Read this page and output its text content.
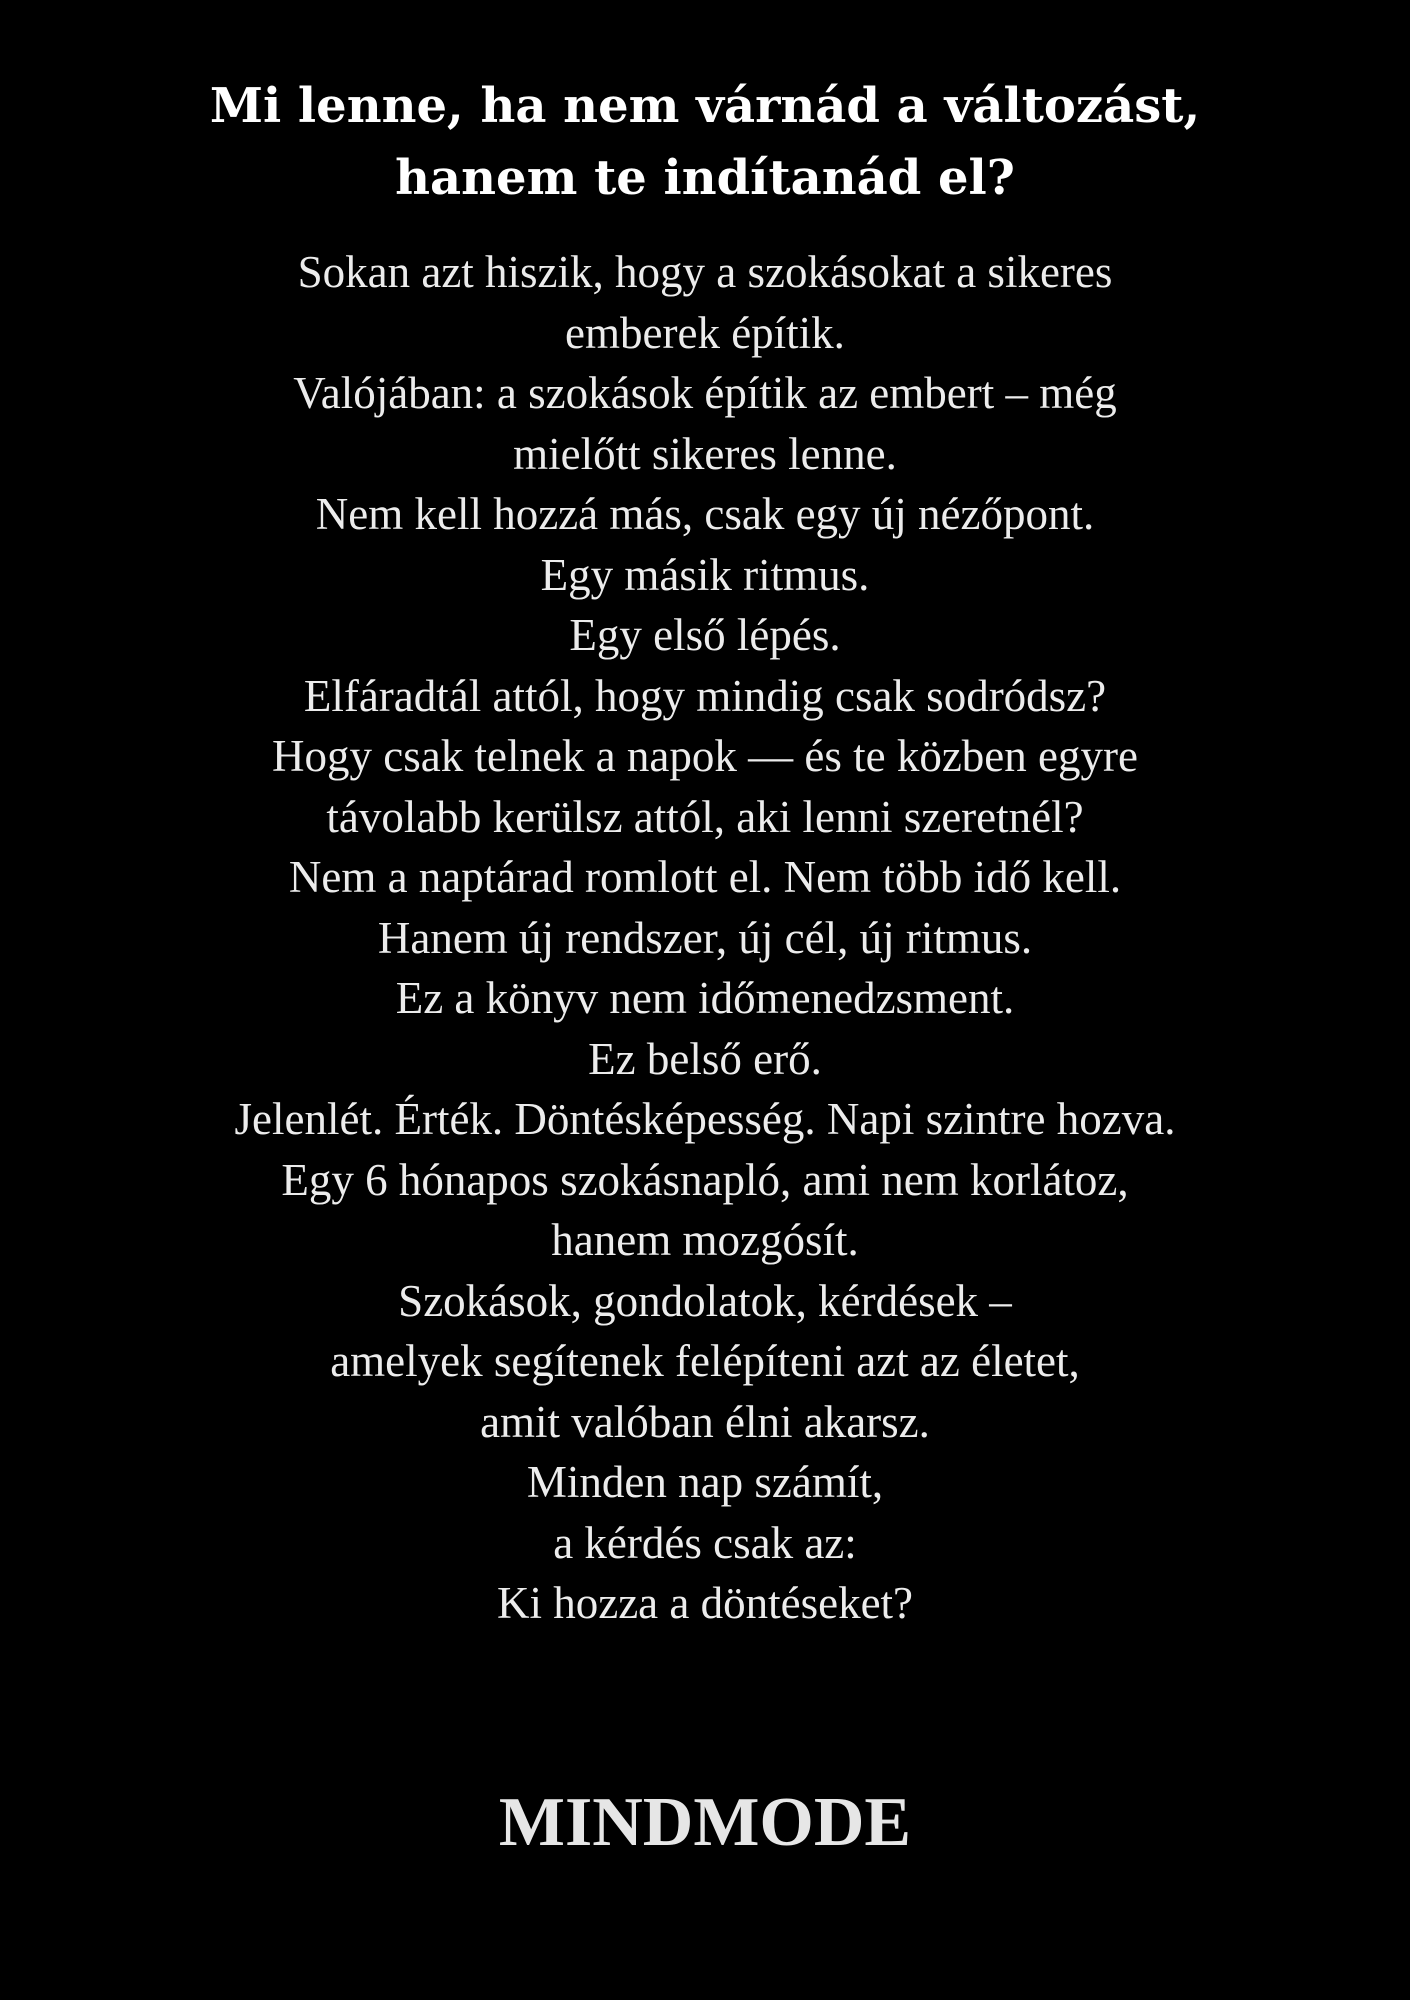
Mi lenne, ha nem várnád a változást,
hanem te indítanád el?
Sokan azt hiszik, hogy a szokásokat a sikeres
emberek építik.
Valójában: a szokások építik az embert – még
mielőtt sikeres lenne.
Nem kell hozzá más, csak egy új nézőpont.
Egy másik ritmus.
Egy első lépés.
Elfáradtál attól, hogy mindig csak sodródsz?
Hogy csak telnek a napok — és te közben egyre
távolabb kerülsz attól, aki lenni szeretnél?
Nem a naptárad romlott el. Nem több idő kell.
Hanem új rendszer, új cél, új ritmus.
Ez a könyv nem időmenedzsment.
Ez belső erő.
Jelenlét. Érték. Döntésképesség. Napi szintre hozva.
Egy 6 hónapos szokásnapló, ami nem korlátoz,
hanem mozgósít.
Szokások, gondolatok, kérdések –
amelyek segítenek felépíteni azt az életet,
amit valóban élni akarsz.
Minden nap számít,
a kérdés csak az:
Ki hozza a döntéseket?
MINDMODE
